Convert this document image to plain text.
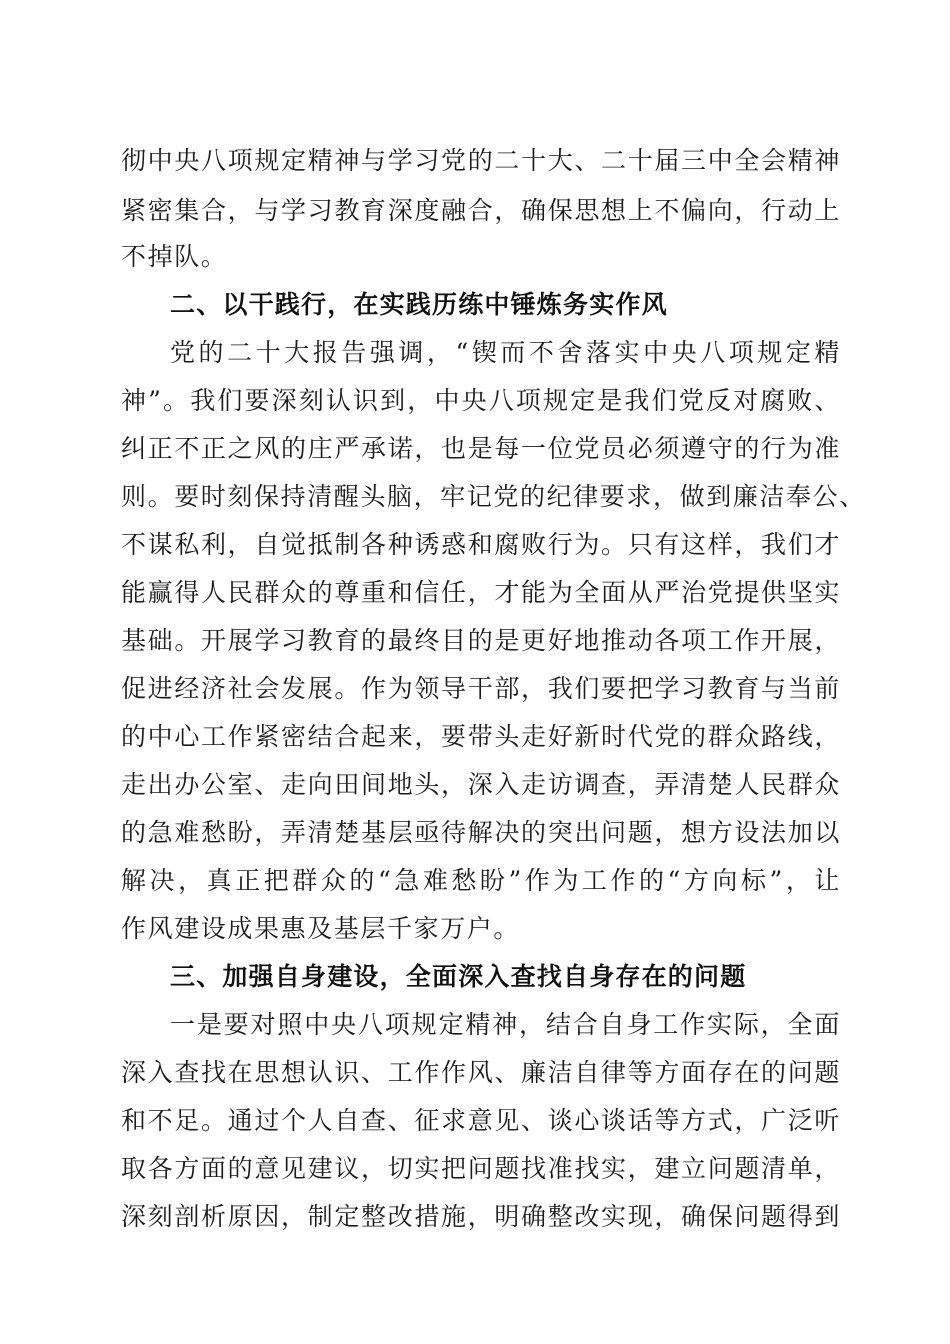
彻中央八项规定精神与学习党的二十大、二十届三中全会精神
紧密集合，与学习教育深度融合，确保思想上不偏向，行动上
不掉队。
二、以干践行，在实践历练中锤炼务实作风
党的二十大报告强调，“锲而不舍落实中央八项规定精
神”。我们要深刻认识到，中央八项规定是我们党反对腐败、
纠正不正之风的庄严承诺，也是每一位党员必须遵守的行为准
则。要时刻保持清醒头脑，牢记党的纪律要求，做到廉洁奉公、
不谋私利，自觉抵制各种诱惑和腐败行为。只有这样，我们才
能赢得人民群众的尊重和信任，才能为全面从严治党提供坚实
基础。开展学习教育的最终目的是更好地推动各项工作开展，
促进经济社会发展。作为领导干部，我们要把学习教育与当前
的中心工作紧密结合起来，要带头走好新时代党的群众路线，
走出办公室、走向田间地头，深入走访调查，弄清楚人民群众
的急难愁盼，弄清楚基层亟待解决的突出问题，想方设法加以
解决，真正把群众的“急难愁盼”作为工作的“方向标”，让
作风建设成果惠及基层千家万户。
三、加强自身建设，全面深入查找自身存在的问题
一是要对照中央八项规定精神，结合自身工作实际，全面
深入查找在思想认识、工作作风、廉洁自律等方面存在的问题
和不足。通过个人自查、征求意见、谈心谈话等方式，广泛听
取各方面的意见建议，切实把问题找准找实，建立问题清单，
深刻剖析原因，制定整改措施，明确整改实现，确保问题得到
